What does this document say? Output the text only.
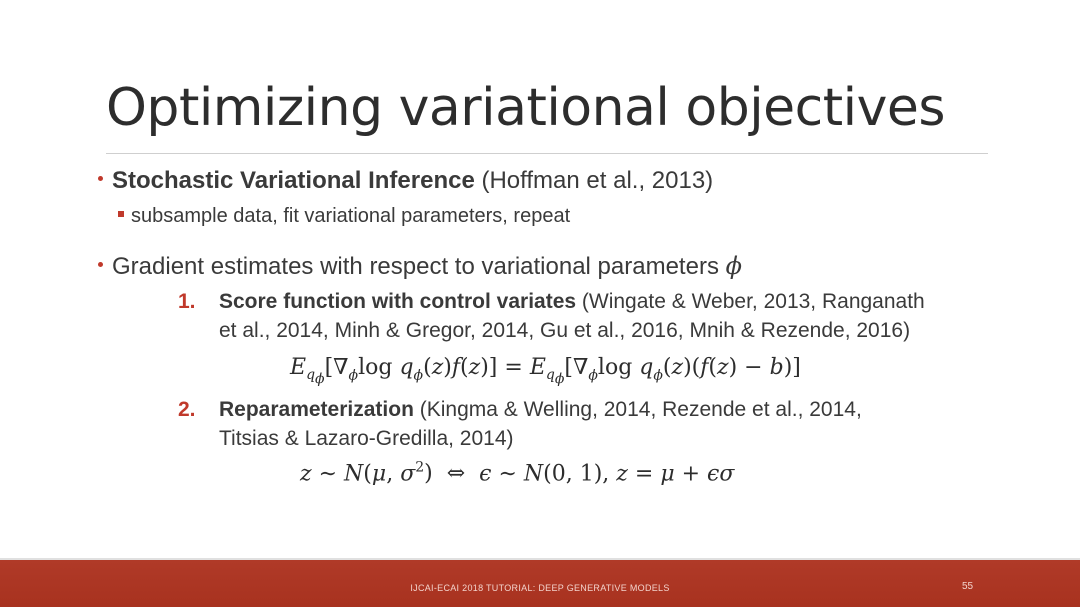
Optimizing variational objectives
Stochastic Variational Inference (Hoffman et al., 2013)
subsample data, fit variational parameters, repeat
Gradient estimates with respect to variational parameters ϕ
1. Score function with control variates (Wingate & Weber, 2013, Ranganath
et al., 2014, Minh & Gregor, 2014, Gu et al., 2016, Mnih & Rezende, 2016)
$E_{q_\phi}[\nabla_\phi\log$ $q_\phi(z)f(z)] = E_{q_\phi}[\nabla_\phi\log$ $q_\phi(z)(f(z) - b)$]
2. Reparameterization (Kingma & Welling, 2014, Rezende et al., 2014,
Titsias & Lazaro-Gredilla, 2014)
z ∼ N(μ, $\sigma^2$)  ⇔  ϵ ∼ N(0, 1), z = μ + ϵσ
IJCAI-ECAI 2018 TUTORIAL: DEEP GENERATIVE MODELS	55
